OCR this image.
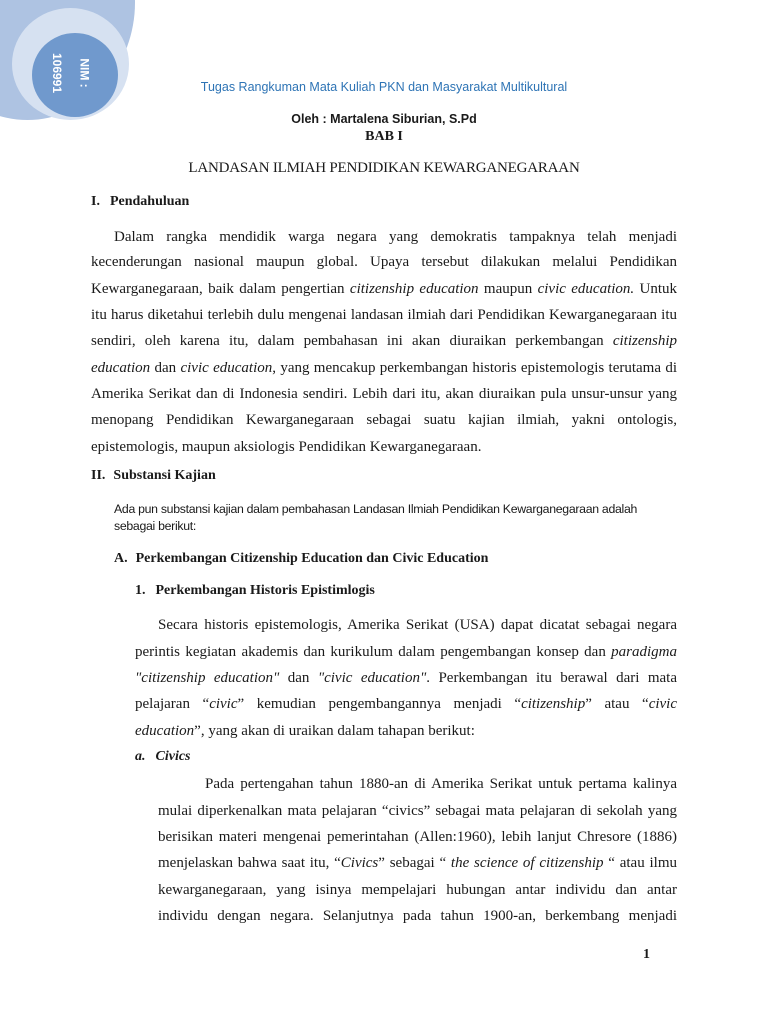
NIM :
106991	Tugas Rangkuman Mata Kuliah PKN dan Masyarakat Multikultural
Oleh : Martalena Siburian, S.Pd
BAB I
LANDASAN ILMIAH PENDIDIKAN KEWARGANEGARAAN
I. Pendahuluan
Dalam rangka mendidik warga negara yang demokratis tampaknya telah menjadi
kecenderungan nasional maupun global. Upaya tersebut dilakukan melalui Pendidikan
Kewarganegaraan, baik dalam pengertian citizenship education maupun civic education. Untuk
itu harus diketahui terlebih dulu mengenai landasan ilmiah dari Pendidikan Kewarganegaraan itu
sendiri, oleh karena itu, dalam pembahasan ini akan diuraikan perkembangan citizenship
education dan civic education, yang mencakup perkembangan historis epistemologis terutama di
Amerika Serikat dan di Indonesia sendiri. Lebih dari itu, akan diuraikan pula unsur-unsur yang
menopang Pendidikan Kewarganegaraan sebagai suatu kajian ilmiah, yakni ontologis,
epistemologis, maupun aksiologis Pendidikan Kewarganegaraan.
II. Substansi Kajian
Ada pun substansi kajian dalam pembahasan Landasan Ilmiah Pendidikan Kewarganegaraan adalah
sebagai berikut:
A. Perkembangan Citizenship Education dan Civic Education
1. Perkembangan Historis Epistimlogis
Secara historis epistemologis, Amerika Serikat (USA) dapat dicatat sebagai negara
perintis kegiatan akademis dan kurikulum dalam pengembangan konsep dan paradigma
"citizenship education" dan "civic education". Perkembangan itu berawal dari mata
pelajaran “civic” kemudian pengembangannya menjadi “citizenship” atau “civic
education”, yang akan di uraikan dalam tahapan berikut:
a. Civics
Pada pertengahan tahun 1880-an di Amerika Serikat untuk pertama kalinya
mulai diperkenalkan mata pelajaran “civics” sebagai mata pelajaran di sekolah yang
berisikan materi mengenai pemerintahan (Allen:1960), lebih lanjut Chresore (1886)
menjelaskan bahwa saat itu, “Civics” sebagai “ the science of citizenship “ atau ilmu
kewarganegaraan, yang isinya mempelajari hubungan antar individu dan antar
individu dengan negara. Selanjutnya pada tahun 1900-an, berkembang menjadi
1
